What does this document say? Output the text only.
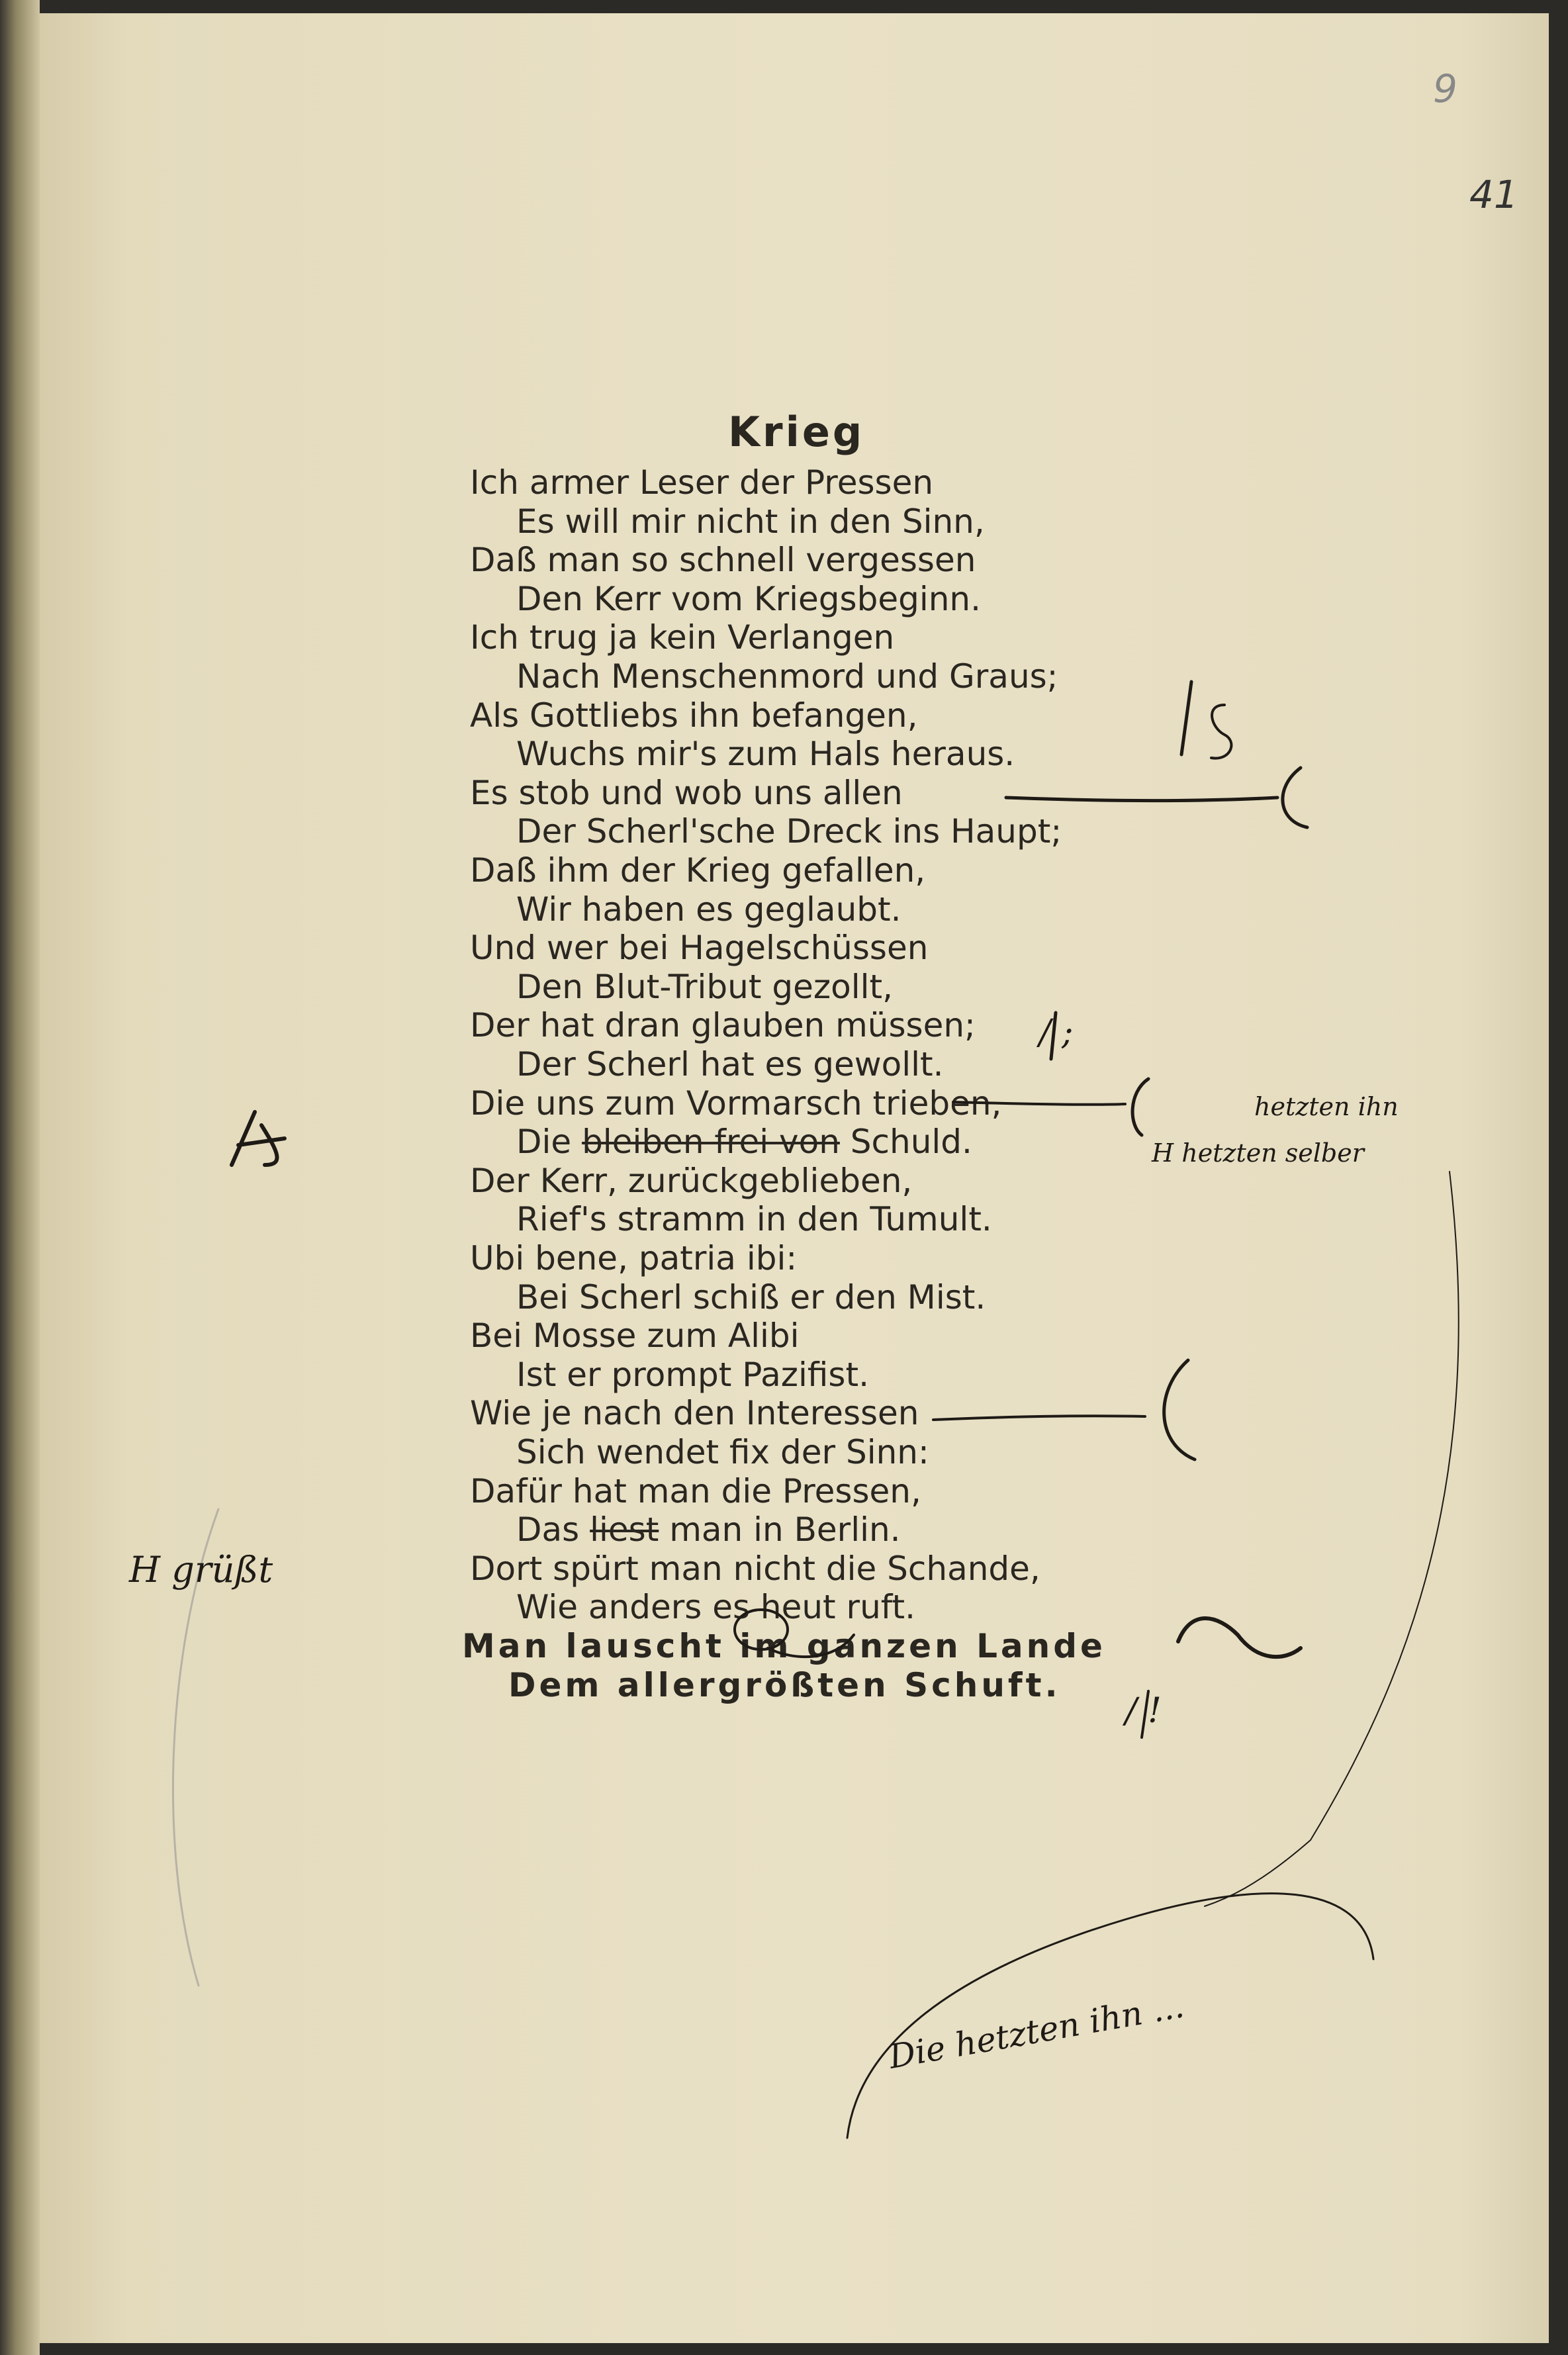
9
41
Krieg
Ich armer Leser der Pressen
Es will mir nicht in den Sinn,
Daß man so schnell vergessen
Den Kerr vom Kriegsbeginn.
Ich trug ja kein Verlangen
Nach Menschenmord und Graus;
Als Gottliebs ihn befangen,
Wuchs mir's zum Hals heraus.
Es stob und wob uns allen
Der Scherl'sche Dreck ins Haupt;
Daß ihm der Krieg gefallen,
Wir haben es geglaubt.
Und wer bei Hagelschüssen
Den Blut-Tribut gezollt,
Der hat dran glauben müssen;
Der Scherl hat es gewollt.
Die uns zum Vormarsch trieben,
Die bleiben frei von Schuld.
Der Kerr, zurückgeblieben,
Rief's stramm in den Tumult.
Ubi bene, patria ibi:
Bei Scherl schiß er den Mist.
Bei Mosse zum Alibi
Ist er prompt Pazifist.
Wie je nach den Interessen
Sich wendet fix der Sinn:
Dafür hat man die Pressen,
Das liest man in Berlin.
Dort spürt man nicht die Schande,
Wie anders es heut ruft.
Man lauscht im ganzen Lande
Dem allergrößten Schuft.
hetzten ihn
H hetzten selber
H grüßt
/ ;
/ !
Die hetzten ihn ...
